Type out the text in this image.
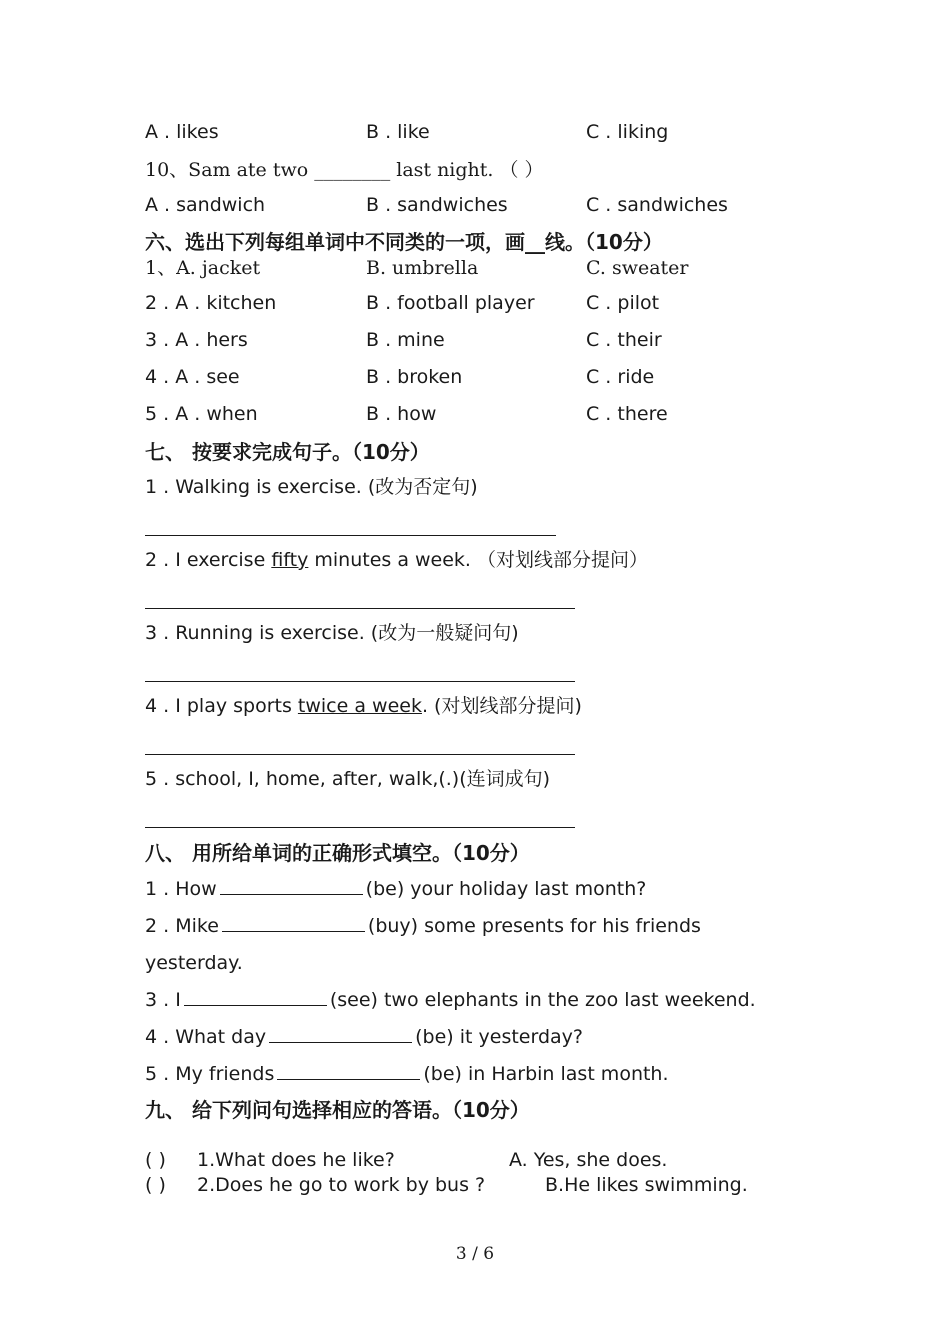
A . likes	B . like	C . liking
10、Sam ate two ________ last night. （ ）
A . sandwich	B . sandwiches	C . sandwiches
六、选出下列每组单词中不同类的一项，画__线。（10分）
1、A. jacket	B. umbrella	C. sweater
2 . A . kitchen	B . football player	C . pilot
3 . A . hers	B . mine	C . their
4 . A . see	B . broken	C . ride
5 . A . when	B . how	C . there
七、 按要求完成句子。（10分）
1 . Walking is exercise. (改为否定句)
2 . I exercise fifty minutes a week. （对划线部分提问）
3 . Running is exercise. (改为一般疑问句)
4 . I play sports twice a week. (对划线部分提问)
5 . school, I, home, after, walk,(.)(连词成句)
八、 用所给单词的正确形式填空。（10分）
1 . How	(be) your holiday last month?
2 . Mike	(buy) some presents for his friends
yesterday.
3 . I	(see) two elephants in the zoo last weekend.
4 . What day	(be) it yesterday?
5 . My friends	(be) in Harbin last month.
九、 给下列问句选择相应的答语。（10分）
( ) 1.What does he like?	A. Yes, she does.
( ) 2.Does he go to work by bus ?	B.He likes swimming.
3 / 6
